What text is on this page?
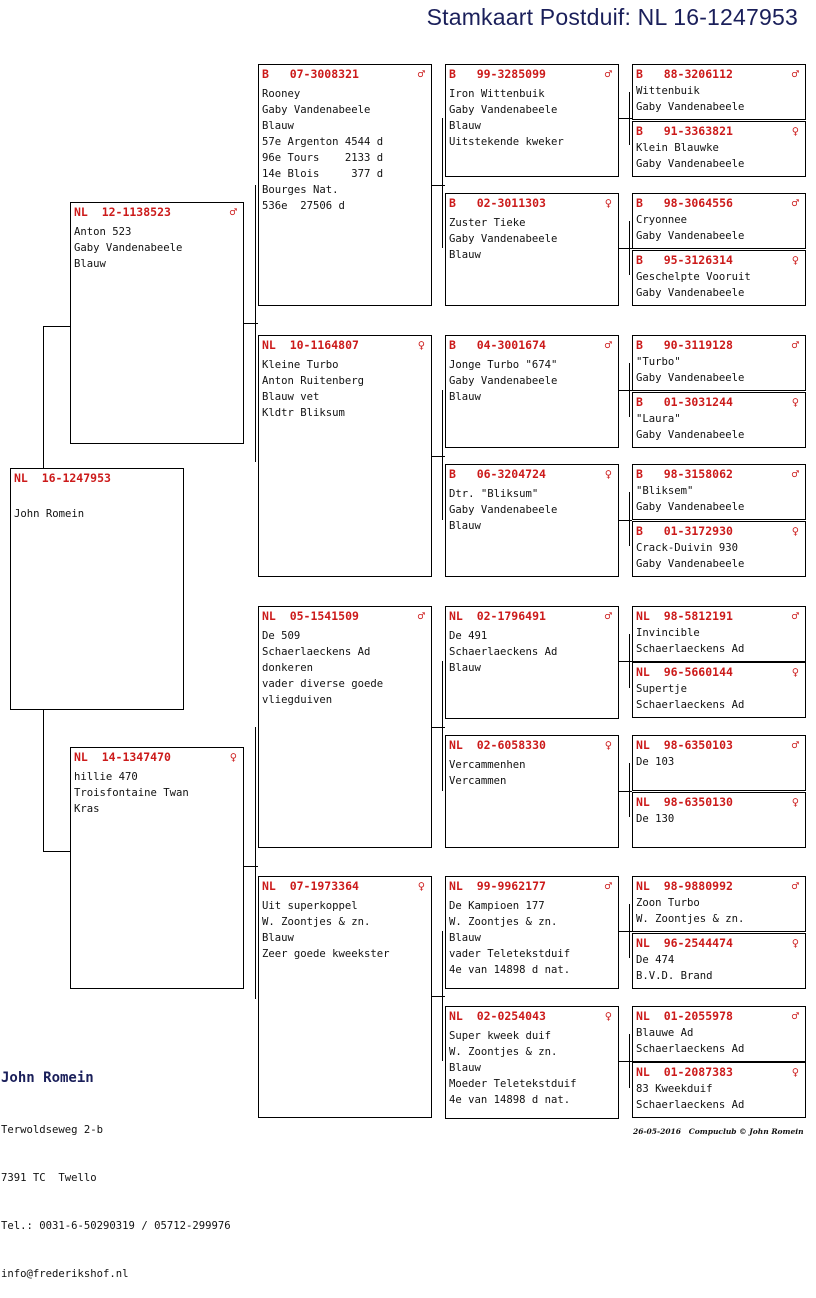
Stamkaart Postduif: NL 16-1247953
NL  16-1247953

John Romein
NL  12-1138523	♂
Anton 523
Gaby Vandenabeele
Blauw
NL  14-1347470	♀
hillie 470
Troisfontaine Twan
Kras
B   07-3008321	♂
Rooney
Gaby Vandenabeele
Blauw
57e Argenton 4544 d
96e Tours    2133 d
14e Blois     377 d
Bourges Nat.
536e  27506 d
NL  10-1164807	♀
Kleine Turbo
Anton Ruitenberg
Blauw vet
Kldtr Bliksum
NL  05-1541509	♂
De 509
Schaerlaeckens Ad
donkeren
vader diverse goede
vliegduiven
NL  07-1973364	♀
Uit superkoppel
W. Zoontjes & zn.
Blauw
Zeer goede kweekster
B   99-3285099	♂
Iron Wittenbuik
Gaby Vandenabeele
Blauw
Uitstekende kweker
B   02-3011303	♀
Zuster Tieke
Gaby Vandenabeele
Blauw
B   04-3001674	♂
Jonge Turbo "674"
Gaby Vandenabeele
Blauw
B   06-3204724	♀
Dtr. "Bliksum"
Gaby Vandenabeele
Blauw
NL  02-1796491	♂
De 491
Schaerlaeckens Ad
Blauw
NL  02-6058330	♀
Vercammenhen
Vercammen
NL  99-9962177	♂
De Kampioen 177
W. Zoontjes & zn.
Blauw
vader Teletekstduif
4e van 14898 d nat.
NL  02-0254043	♀
Super kweek duif
W. Zoontjes & zn.
Blauw
Moeder Teletekstduif
4e van 14898 d nat.
B   88-3206112	♂
Wittenbuik
Gaby Vandenabeele
B   91-3363821	♀
Klein Blauwke
Gaby Vandenabeele
B   98-3064556	♂
Cryonnee
Gaby Vandenabeele
B   95-3126314	♀
Geschelpte Vooruit
Gaby Vandenabeele
B   90-3119128	♂
"Turbo"
Gaby Vandenabeele
B   01-3031244	♀
"Laura"
Gaby Vandenabeele
B   98-3158062	♂
"Bliksem"
Gaby Vandenabeele
B   01-3172930	♀
Crack-Duivin 930
Gaby Vandenabeele
NL  98-5812191	♂
Invincible
Schaerlaeckens Ad
NL  96-5660144	♀
Supertje
Schaerlaeckens Ad
NL  98-6350103	♂
De 103
NL  98-6350130	♀
De 130
NL  98-9880992	♂
Zoon Turbo
W. Zoontjes & zn.
NL  96-2544474	♀
De 474
B.V.D. Brand
NL  01-2055978	♂
Blauwe Ad
Schaerlaeckens Ad
NL  01-2087383	♀
83 Kweekduif
Schaerlaeckens Ad

John Romein

Terwoldseweg 2-b

7391 TC  Twello

Tel.: 0031-6-50290319 / 05712-299976

info@frederikshof.nl

26-05-2016   Compuclub © John Romein
